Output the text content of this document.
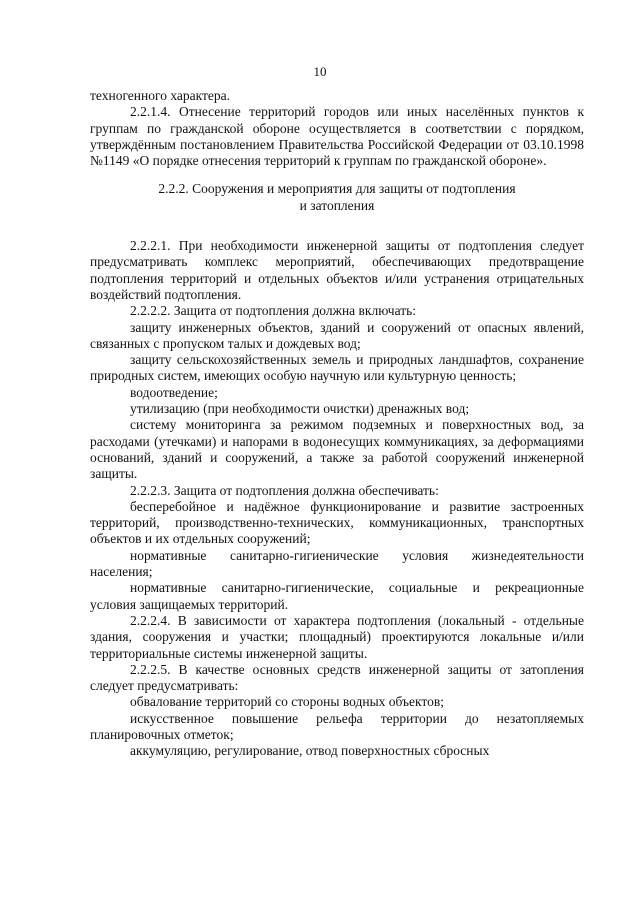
10

техногенного характера.

2.2.1.4. Отнесение территорий городов или иных населённых пунктов к группам по гражданской обороне осуществляется в соответствии с порядком, утверждённым постановлением Правительства Российской Федерации от 03.10.1998 №1149 «О порядке отнесения территорий к группам по гражданской обороне».

2.2.2. Сооружения и мероприятия для защиты от подтопления
и затопления

2.2.2.1. При необходимости инженерной защиты от подтопления следует предусматривать комплекс мероприятий, обеспечивающих предотвращение подтопления территорий и отдельных объектов и/или устранения отрицательных воздействий подтопления.

2.2.2.2. Защита от подтопления должна включать:

защиту инженерных объектов, зданий и сооружений от опасных явлений, связанных с пропуском талых и дождевых вод;

защиту сельскохозяйственных земель и природных ландшафтов, сохранение природных систем, имеющих особую научную или культурную ценность;

водоотведение;

утилизацию (при необходимости очистки) дренажных вод;

систему мониторинга за режимом подземных и поверхностных вод, за расходами (утечками) и напорами в водонесущих коммуникациях, за деформациями оснований, зданий и сооружений, а также за работой сооружений инженерной защиты.

2.2.2.3. Защита от подтопления должна обеспечивать:

бесперебойное и надёжное функционирование и развитие застроенных территорий, производственно-технических, коммуникационных, транспортных объектов и их отдельных сооружений;

нормативные санитарно-гигиенические условия жизнедеятельности населения;

нормативные санитарно-гигиенические, социальные и рекреационные условия защищаемых территорий.

2.2.2.4. В зависимости от характера подтопления (локальный - отдельные здания, сооружения и участки; площадный) проектируются локальные и/или территориальные системы инженерной защиты.

2.2.2.5. В качестве основных средств инженерной защиты от затопления следует предусматривать:

обвалование территорий со стороны водных объектов;

искусственное повышение рельефа территории до незатопляемых планировочных отметок;

аккумуляцию, регулирование, отвод поверхностных сбросных
